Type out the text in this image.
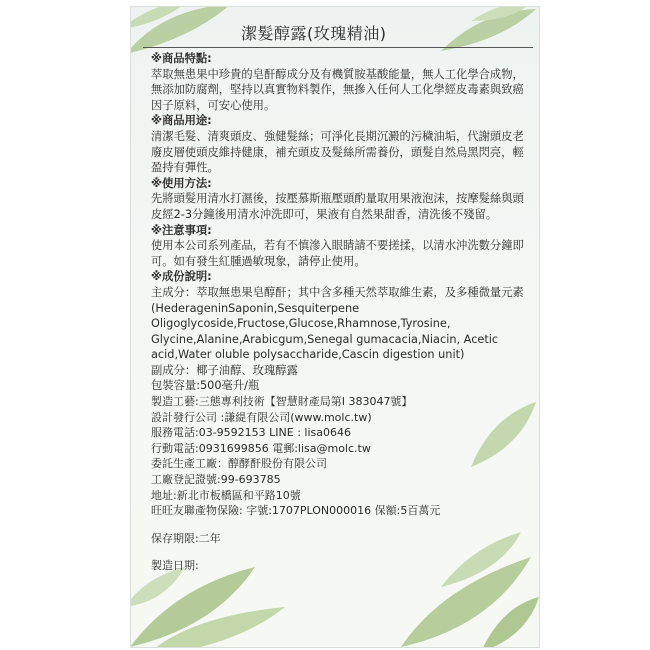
潔髮醇露(玫瑰精油)

※商品特點:

萃取無患果中珍貴的皂酐醇成分及有機質胺基酸能量，無人工化學合成物，無添加防腐劑，堅持以真實物料製作，無摻入任何人工化學經皮毒素與致癌因子原料，可安心使用。

※商品用途:

清潔毛髮、清爽頭皮、強健髮絲；可淨化長期沉澱的污穢油垢，代謝頭皮老廢皮層使頭皮維持健康，補充頭皮及髮絲所需養份，頭髮自然烏黑閃亮，輕盈持有彈性。

※使用方法:

先將頭髮用清水打濕後，按壓慕斯瓶壓頭酌量取用果液泡沫，按摩髮絲與頭皮經2-3分鐘後用清水沖洗即可，果液有自然果甜香，清洗後不殘留。

※注意事項:

使用本公司系列產品，若有不慎滲入眼睛請不要搓揉，以清水沖洗數分鐘即可。如有發生紅腫過敏現象，請停止使用。

※成份說明:

主成分：萃取無患果皂醇酐；其中含多種天然萃取維生素，及多種微量元素(HederageninSaponin,Sesquiterpene Oligoglycoside,Fructose,Glucose,Rhamnose,Tyrosine, Glycine,Alanine,Arabicgum,Senegal gumacacia,Niacin, Acetic acid,Water oluble polysaccharide,Cascin digestion unit)

副成分：椰子油醇、玫瑰醇露

包裝容量:500毫升/瓶

製造工藝:三態專利技術【智慧財產局第I 383047號】

設計發行公司 :謙緹有限公司(www.molc.tw)

服務電話:03-9592153 LINE : lisa0646

行動電話:0931699856 電郵:lisa@molc.tw

委託生產工廠：醇酵酐股份有限公司

工廠登記證號:99-693785

地址:新北市板橋區和平路10號

旺旺友聯產物保險: 字號:1707PLON000016 保額:5百萬元

保存期限:二年

製造日期:
